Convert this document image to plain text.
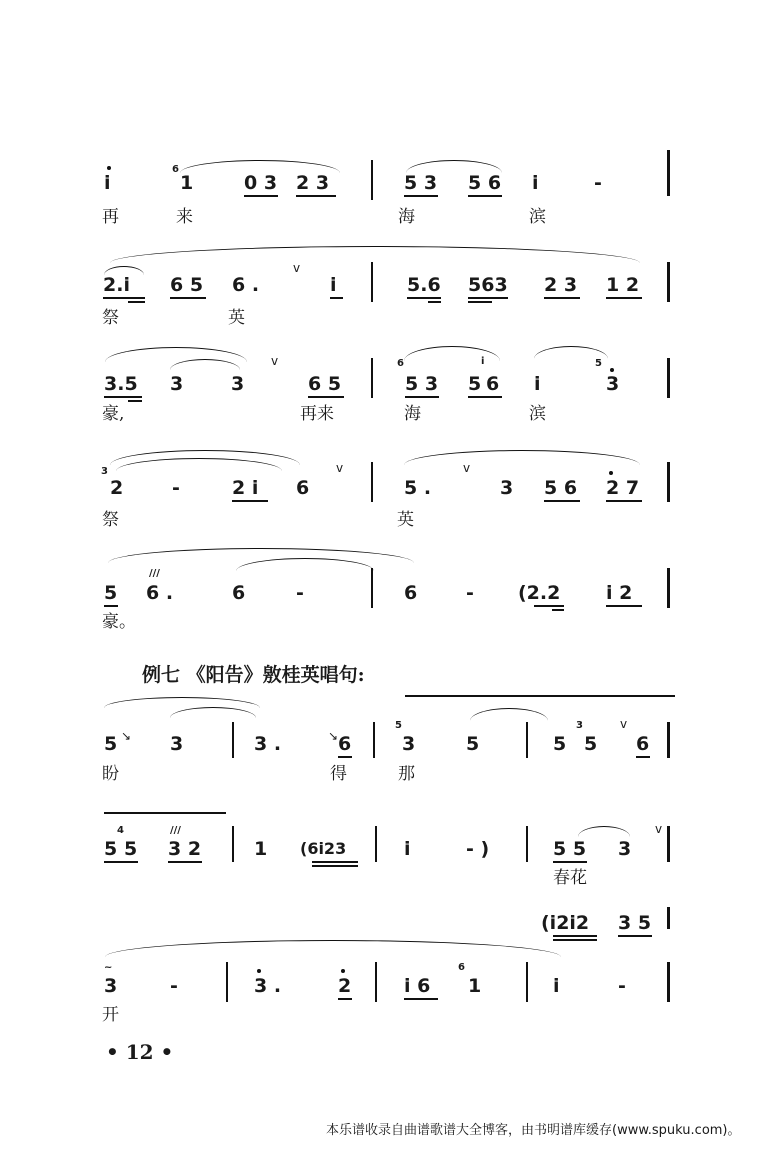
i
6
1	0 3 2 3	5 3 5 6 i	-
再	来	海	滨
v
2.i 6 5 6 .	i	5.6 563 2 3 1 2
祭	英
v
3.5 3	3	6 5
6
5 3 5
i
6 i
5
3
豪,	再来	海	滨
3	v
2	-	2 i 6
v
5 .	3 5 6 2 7
祭	英
///
5 6 .	6	-	6	- (2.2 i 2
豪。
例七 《阳告》敫桂英唱句:
5 ↘ 3	3 .	↘ 6
5
3	5	5
3
5
v
6
盼	得	那
4	///
5 5 3 2	1 (6i23	i	- )	5 5 3
v
春花
(i2i2 3 5
~
3	-	3 .	2	i 6
6
1	i	-
开
• 12 •
本乐谱收录自曲谱歌谱大全博客，由书明谱库缓存(www.spuku.com)。
